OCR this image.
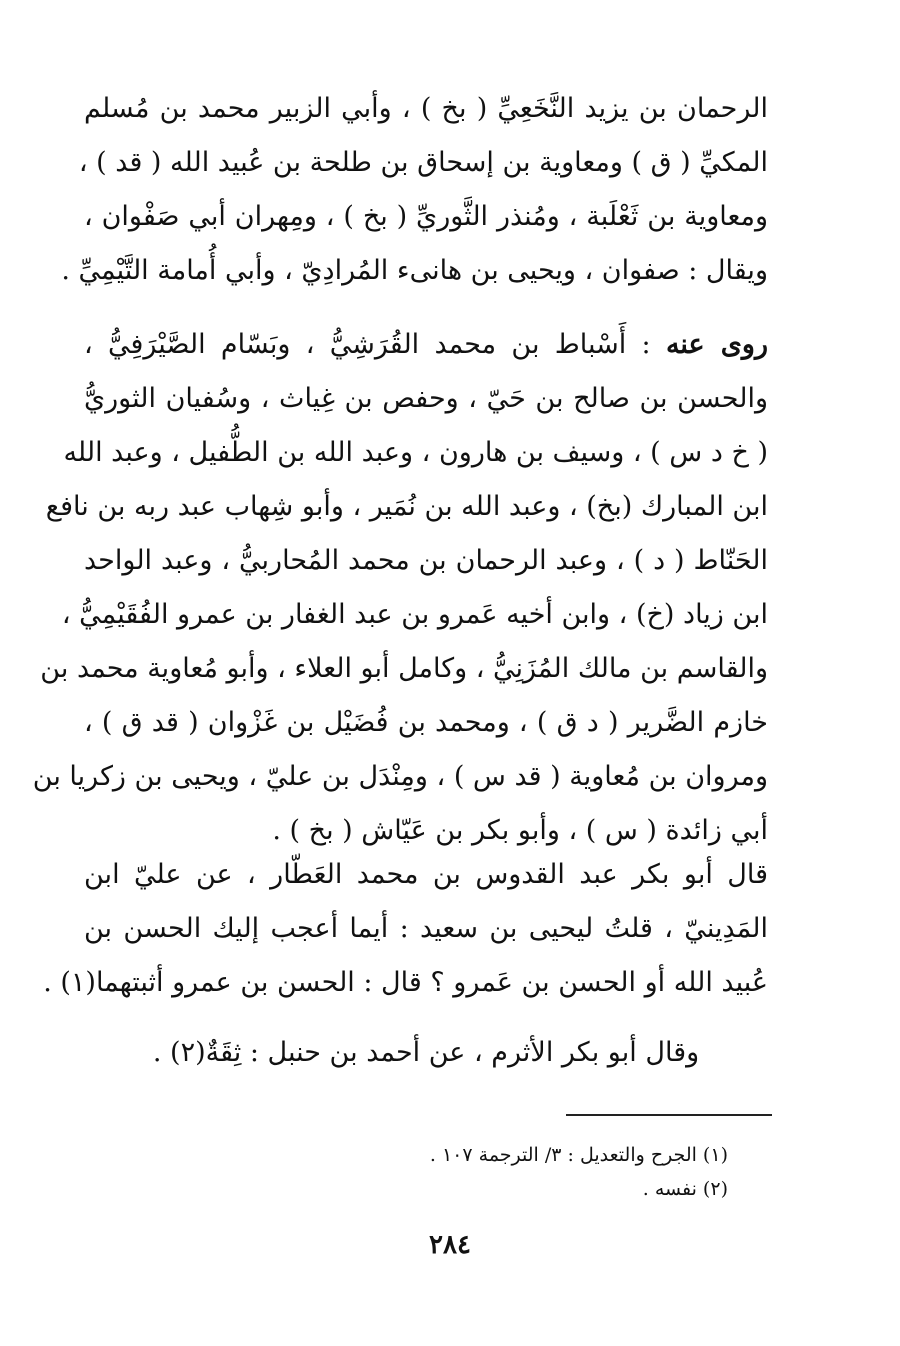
الرحمان بن يزيد النَّخَعِيِّ ( بخ ) ، وأبي الزبير محمد بن مُسلم
المكيِّ ( ق ) ومعاوية بن إسحاق بن طلحة بن عُبيد الله ( قد ) ،
ومعاوية بن ثَعْلَبة ، ومُنذر الثَّوريِّ ( بخ ) ، ومِهران أبي صَفْوان ،
ويقال : صفوان ، ويحيى بن هانىء المُرادِيّ ، وأبي أُمامة التَّيْمِيِّ .
روى عنه : أَسْباط بن محمد القُرَشِيُّ ، وبَسّام الصَّيْرَفِيُّ ،
والحسن بن صالح بن حَيّ ، وحفص بن غِياث ، وسُفيان الثوريُّ
( خ د س ) ، وسيف بن هارون ، وعبد الله بن الطُّفيل ، وعبد الله
ابن المبارك (بخ) ، وعبد الله بن نُمَير ، وأبو شِهاب عبد ربه بن نافع
الحَنّاط ( د ) ، وعبد الرحمان بن محمد المُحاربيُّ ، وعبد الواحد
ابن زياد (خ) ، وابن أخيه عَمرو بن عبد الغفار بن عمرو الفُقَيْمِيُّ ،
والقاسم بن مالك المُزَنِيُّ ، وكامل أبو العلاء ، وأبو مُعاوية محمد بن
خازم الضَّرير ( د ق ) ، ومحمد بن فُضَيْل بن غَزْوان ( قد ق ) ،
ومروان بن مُعاوية ( قد س ) ، ومِنْدَل بن عليّ ، ويحيى بن زكريا بن
أبي زائدة ( س ) ، وأبو بكر بن عَيّاش ( بخ ) .
قال أبو بكر عبد القدوس بن محمد العَطّار ، عن عليّ ابن
المَدِينيّ ، قلتُ ليحيى بن سعيد : أيما أعجب إليك الحسن بن
عُبيد الله أو الحسن بن عَمرو ؟ قال : الحسن بن عمرو أثبتهما(١) .
وقال أبو بكر الأثرم ، عن أحمد بن حنبل : ثِقَةٌ(٢) .
(١) الجرح والتعديل : ٣/ الترجمة ١٠٧ .
(٢) نفسه .
٢٨٤
